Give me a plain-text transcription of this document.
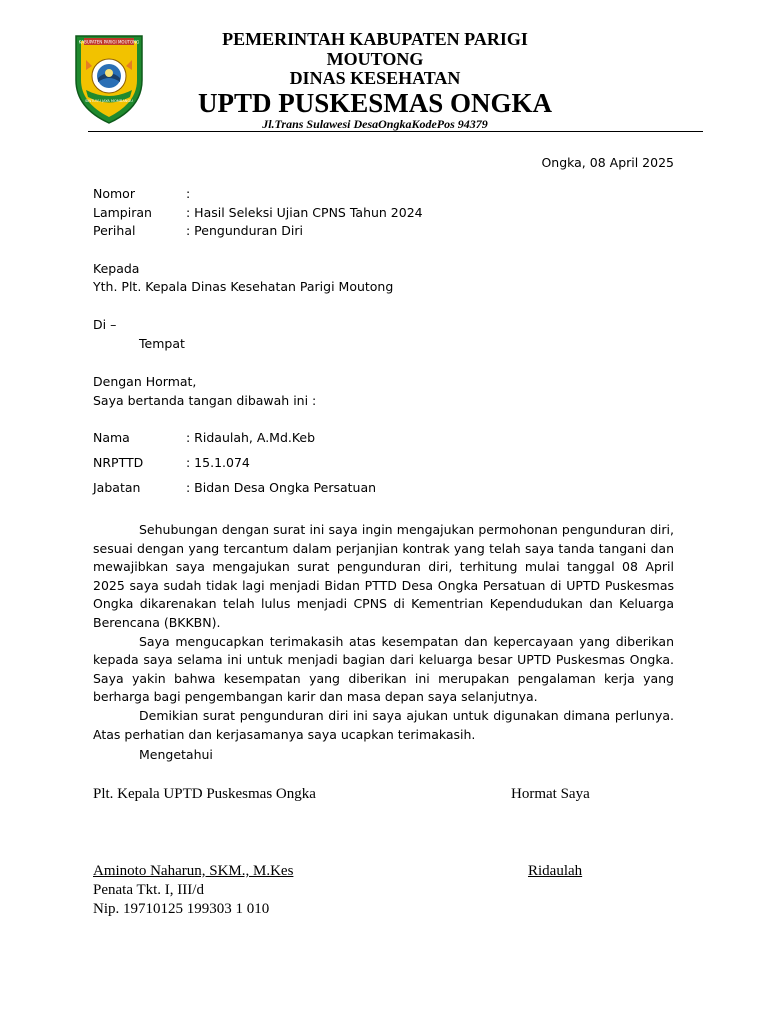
KABUPATEN PARIGI MOUTONG
SINTUVU JAYA MOMBANGU
PEMERINTAH KABUPATEN PARIGI
MOUTONG
DINAS KESEHATAN
UPTD PUSKESMAS ONGKA
Jl.Trans Sulawesi DesaOngkaKodePos 94379
Ongka, 08 April 2025
Nomor	:
Lampiran	: Hasil Seleksi Ujian CPNS Tahun 2024
Perihal	: Pengunduran Diri
Kepada
Yth. Plt. Kepala Dinas Kesehatan Parigi Moutong
Di –
Tempat
Dengan Hormat,
Saya bertanda tangan dibawah ini :
Nama	: Ridaulah, A.Md.Keb
NRPTTD	: 15.1.074
Jabatan	: Bidan Desa Ongka Persatuan

Sehubungan dengan surat ini saya ingin mengajukan permohonan pengunduran diri, sesuai dengan yang tercantum dalam perjanjian kontrak yang telah saya tanda tangani dan mewajibkan saya mengajukan surat pengunduran diri, terhitung mulai tanggal 08 April 2025 saya sudah tidak lagi menjadi Bidan PTTD Desa Ongka Persatuan di UPTD Puskesmas Ongka dikarenakan telah lulus menjadi CPNS di Kementrian Kependudukan dan Keluarga Berencana (BKKBN).

Saya mengucapkan terimakasih atas kesempatan dan kepercayaan yang diberikan kepada saya selama ini untuk menjadi bagian dari keluarga besar UPTD Puskesmas Ongka. Saya yakin bahwa kesempatan yang diberikan ini merupakan pengalaman kerja yang berharga bagi pengembangan karir dan masa depan saya selanjutnya.

Demikian surat pengunduran diri ini saya ajukan untuk digunakan dimana perlunya. Atas perhatian dan kerjasamanya saya ucapkan terimakasih.

Mengetahui
Plt. Kepala UPTD Puskesmas Ongka	Hormat Saya
Aminoto Naharun, SKM., M.Kes	Ridaulah
Penata Tkt. I, III/d
Nip. 19710125 199303 1 010
